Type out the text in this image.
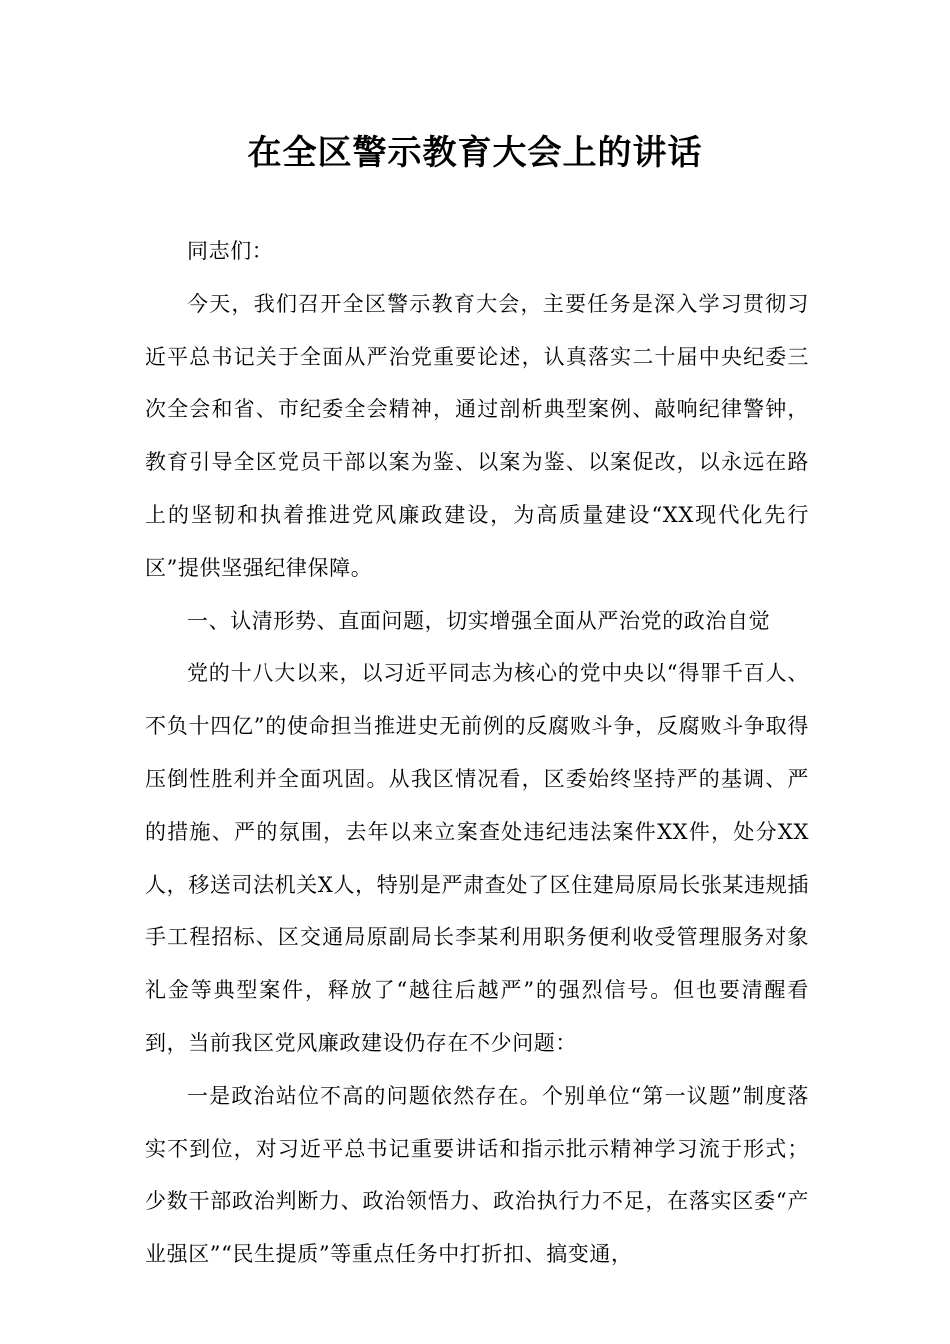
在全区警示教育大会上的讲话

同志们：

今天，我们召开全区警示教育大会，主要任务是深入学习贯彻习近平总书记关于全面从严治党重要论述，认真落实二十届中央纪委三次全会和省、市纪委全会精神，通过剖析典型案例、敲响纪律警钟，教育引导全区党员干部以案为鉴、以案为鉴、以案促改，以永远在路上的坚韧和执着推进党风廉政建设，为高质量建设“XX现代化先行区”提供坚强纪律保障。

一、认清形势、直面问题，切实增强全面从严治党的政治自觉

党的十八大以来，以习近平同志为核心的党中央以“得罪千百人、不负十四亿”的使命担当推进史无前例的反腐败斗争，反腐败斗争取得压倒性胜利并全面巩固。从我区情况看，区委始终坚持严的基调、严的措施、严的氛围，去年以来立案查处违纪违法案件XX件，处分XX人，移送司法机关X人，特别是严肃查处了区住建局原局长张某违规插手工程招标、区交通局原副局长李某利用职务便利收受管理服务对象礼金等典型案件，释放了“越往后越严”的强烈信号。但也要清醒看到，当前我区党风廉政建设仍存在不少问题：

一是政治站位不高的问题依然存在。个别单位“第一议题”制度落实不到位，对习近平总书记重要讲话和指示批示精神学习流于形式；少数干部政治判断力、政治领悟力、政治执行力不足，在落实区委“产业强区”“民生提质”等重点任务中打折扣、搞变通，
